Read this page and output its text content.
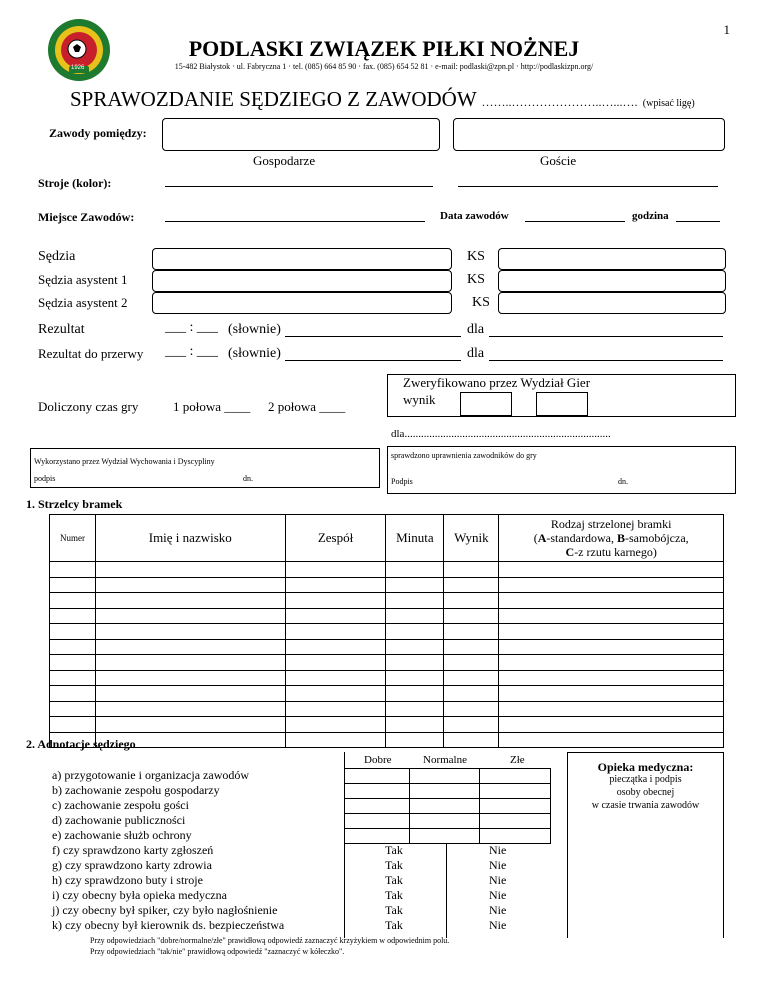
1
1926
PODLASKI ZWIĄZEK PIŁKI NOŻNEJ
15-482 Białystok · ul. Fabryczna 1 · tel. (085) 664 85 90 · fax. (085) 654 52 81 · e-mail: podlaski@zpn.pl · http://podlaskizpn.org/
SPRAWOZDANIE SĘDZIEGO Z ZAWODÓW ……..…………………..…...…. (wpisać ligę)
Zawody pomiędzy:
Gospodarze	Goście
Stroje (kolor):
Miejsce Zawodów:	Data zawodów	godzina
Sędzia	KS
Sędzia asystent 1	KS
Sędzia asystent 2	KS
Rezultat	___ : ___ (słownie)	dla
Rezultat do przerwy ___ : ___ (słownie)	dla
Doliczony czas gry	1 połowa ____ 2 połowa ____
Zweryfikowano przez Wydział Gier
wynik
dla...........................................................................
sprawdzono uprawnienia zawodników do gry
Podpis	dn.
Wykorzystano przez Wydział Wychowania i Dyscypliny
podpis	dn.
1. Strzelcy bramek
Numer	Imię i nazwisko	Zespół	Minuta	Wynik	Rodzaj strzelonej bramki
(A-standardowa, B-samobójcza,
C-z rzutu karnego)

2. Adnotacje sędziego
Dobre	Normalne	Złe

			Opieka medyczna:
pieczątka i podpis
osoby obecnej
w czasie trwania zawodów
a) przygotowanie i organizacja zawodów
b) zachowanie zespołu gospodarzy
c) zachowanie zespołu gości
d) zachowanie publiczności
e) zachowanie służb ochrony
f) czy sprawdzono karty zgłoszeń	Tak	Nie
g) czy sprawdzono karty zdrowia	Tak	Nie
h) czy sprawdzono buty i stroje	Tak	Nie
i) czy obecny była opieka medyczna	Tak	Nie
j) czy obecny był spiker, czy było nagłośnienie	Tak	Nie
k) czy obecny był kierownik ds. bezpieczeństwa	Tak	Nie
Przy odpowiedziach "dobre/normalne/złe" prawidłową odpowiedź zaznaczyć krzyżykiem w odpowiednim polu.
Przy odpowiedziach "tak/nie" prawidłową odpowiedź "zaznaczyć w kółeczko".
